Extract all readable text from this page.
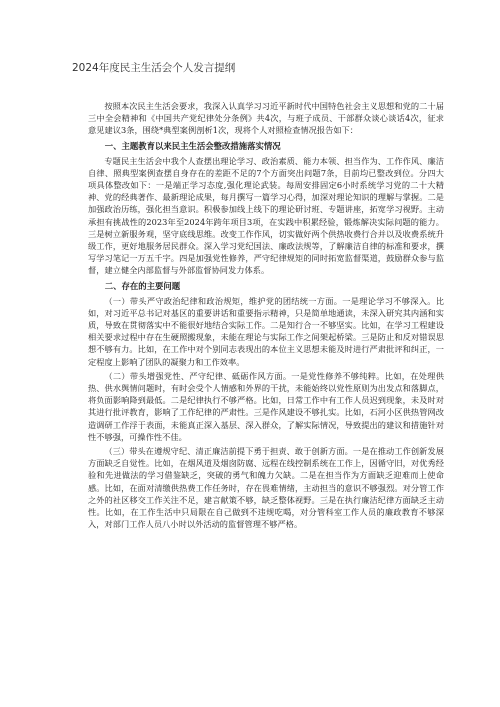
2024年度民主生活会个人发言提纲

按照本次民主生活会要求，我深入认真学习习近平新时代中国特色社会主义思想和党的二十届三中全会精神和《中国共产党纪律处分条例》共4次，与班子成员、干部群众谈心谈话4次，征求意见建议3条，围绕*典型案例剖析1次，现将个人对照检查情况报告如下：

一、主题教育以来民主生活会整改措施落实情况

专题民主生活会中我个人查摆出理论学习、政治素质、能力本领、担当作为、工作作风、廉洁自律、照典型案例查摆自身存在的差距不足的7个方面突出问题7条，目前均已整改到位。分四大项具体整改如下：一是端正学习态度,强化理论武装。每周安排固定6小时系统学习党的二十大精神、党的经典著作、最新理论成果，每月撰写一篇学习心得，加深对理论知识的理解与掌握。二是加强政治历练，强化担当意识。积极参加线上线下的理论研讨班、专题讲座，拓宽学习视野。主动承担有挑战性的2023年至2024年跨年项目3项，在实践中积累经验，锻炼解决实际问题的能力。三是树立新服务观，坚守底线思维。改变工作作风，切实做好两个供热收费行合并以及收费系统升级工作，更好地服务居民群众。深入学习党纪国法、廉政法规等，了解廉洁自律的标准和要求，撰写学习笔记一万五千字。四是加强党性修养，严守纪律规矩的同时拓宽监督渠道，鼓励群众参与监督，建立健全内部监督与外部监督协同发力体系。

二、存在的主要问题

（一）带头严守政治纪律和政治规矩，维护党的团结统一方面。一是理论学习不够深入。比如，对习近平总书记对基区的重要讲话和重要指示精神，只是简单地通读，未深入研究其内涵和实质，导致在贯彻落实中不能很好地结合实际工作。二是知行合一不够坚实。比如，在学习工程建设相关要求过程中存在生硬照搬现象，未能在理论与实际工作之间架起桥梁。三是防止和反对错误思想不够有力。比如，在工作中对个别同志表现出的本位主义思想未能及时进行严肃批评和纠正，一定程度上影响了团队的凝聚力和工作效率。

（二）带头增强党性、严守纪律、砥砺作风方面。一是党性修养不够纯粹。比如，在处理供热、供水舆情问题时，有时会受个人情感和外界的干扰，未能始终以党性原则为出发点和落脚点，将负面影响降到最低。二是纪律执行不够严格。比如，日常工作中有工作人员迟到现象，未及时对其进行批评教育，影响了工作纪律的严肃性。三是作风建设不够扎实。比如，石河小区供热管网改造调研工作浮于表面，未能真正深入基层、深入群众，了解实际情况，导致提出的建议和措施针对性不够强，可操作性不佳。

（三）带头在遵规守纪、清正廉洁前提下勇于担责、敢于创新方面。一是在推动工作创新发展方面缺乏自觉性。比如，在烟风道及烟囱防腐、远程在线控制系统在工作上，因循守旧，对优秀经验和先进做法的学习借鉴缺乏，突破的勇气和魄力欠缺。二是在担当作为方面缺乏迎难而上使命感。比如，在面对清缴供热费工作任务时，存在畏难情绪，主动担当的意识不够强烈。对分管工作之外的社区移交工作关注不足，建言献策不够，缺乏整体视野。三是在执行廉洁纪律方面缺乏主动性。比如，在工作生活中只局限在自己做到不违规吃喝，对分管科室工作人员的廉政教育不够深入，对部门工作人员八小时以外活动的监督管理不够严格。
